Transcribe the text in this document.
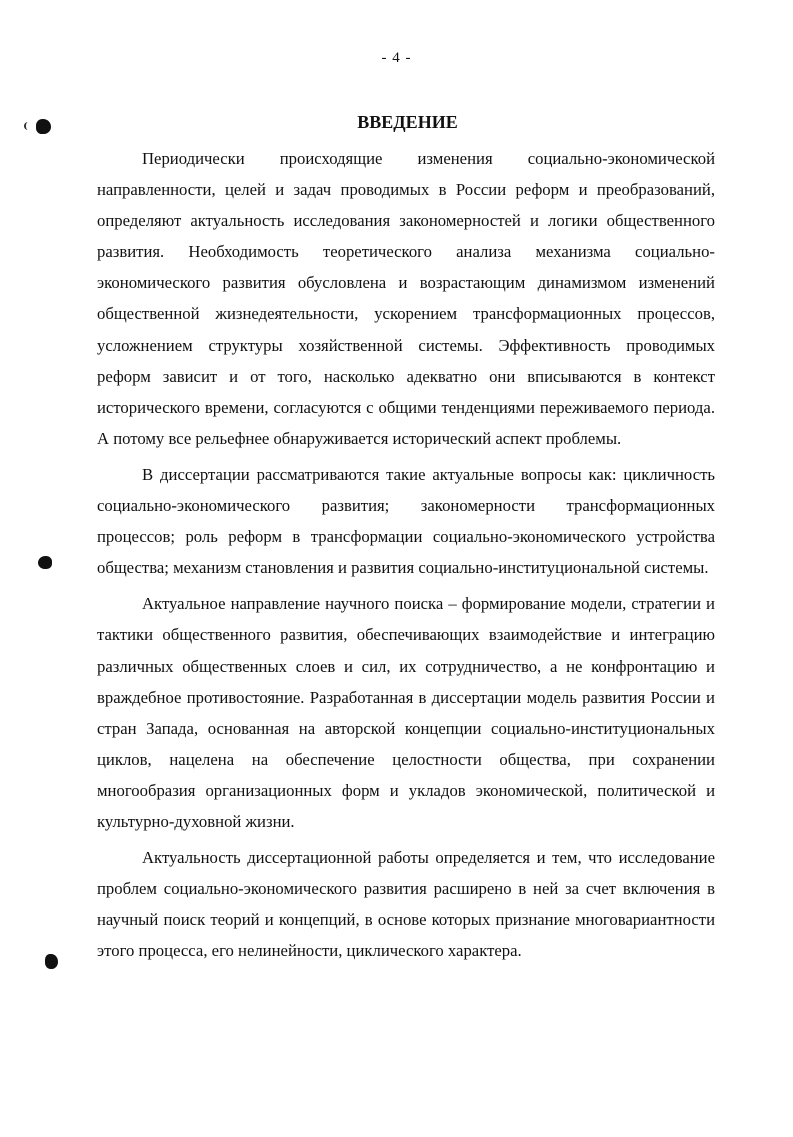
- 4 -
ВВЕДЕНИЕ

Периодически происходящие изменения социально-экономической направленности, целей и задач проводимых в России реформ и преобразований, определяют актуальность исследования закономерностей и логики общественного развития. Необходимость теоретического анализа механизма социально-экономического развития обусловлена и возрастающим динамизмом изменений общественной жизнедеятельности, ускорением трансформационных процессов, усложнением структуры хозяйственной системы. Эффективность проводимых реформ зависит и от того, насколько адекватно они вписываются в контекст исторического времени, согласуются с общими тенденциями переживаемого периода. А потому все рельефнее обнаруживается исторический аспект проблемы.

В диссертации рассматриваются такие актуальные вопросы как: цикличность социально-экономического развития; закономерности трансформационных процессов; роль реформ в трансформации социально-экономического устройства общества; механизм становления и развития социально-институциональной системы.

Актуальное направление научного поиска – формирование модели, стратегии и тактики общественного развития, обеспечивающих взаимодействие и интеграцию различных общественных слоев и сил, их сотрудничество, а не конфронтацию и враждебное противостояние. Разработанная в диссертации модель развития России и стран Запада, основанная на авторской концепции социально-институциональных циклов, нацелена на обеспечение целостности общества, при сохранении многообразия организационных форм и укладов экономической, политической и культурно-духовной жизни.

Актуальность диссертационной работы определяется и тем, что исследование проблем социально-экономического развития расширено в ней за счет включения в научный поиск теорий и концепций, в основе которых признание многовариантности этого процесса, его нелинейности, циклического характера.
